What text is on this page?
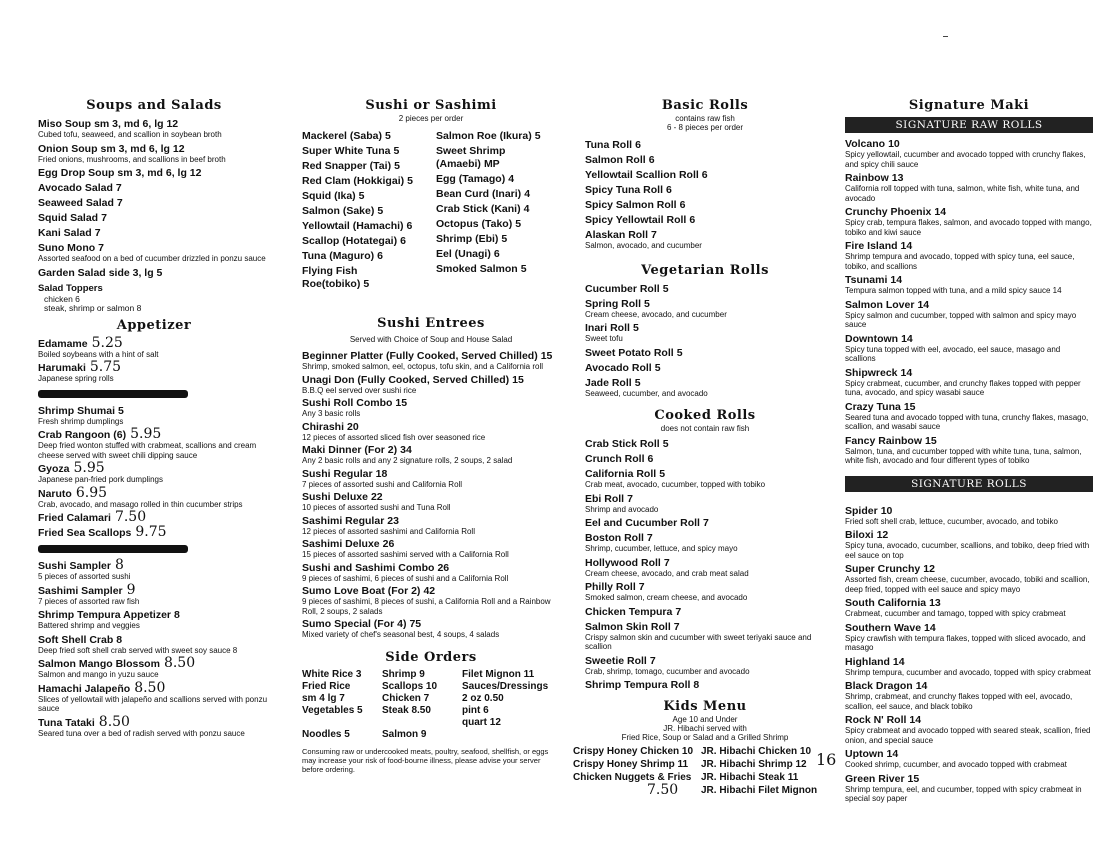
Soups and Salads
Miso Soup sm 3, md 6, lg 12
Cubed tofu, seaweed, and scallion in soybean broth
Onion Soup sm 3, md 6, lg 12
Fried onions, mushrooms, and scallions in beef broth
Egg Drop Soup sm 3, md 6, lg 12
Avocado Salad 7
Seaweed Salad 7
Squid Salad 7
Kani Salad 7
Suno Mono 7
Assorted seafood on a bed of cucumber drizzled in ponzu sauce
Garden Salad side 3, lg 5
Salad Toppers
chicken 6
steak, shrimp or salmon 8
Appetizer
Edamame 5.25
Boiled soybeans with a hint of salt
Harumaki 5.75
Japanese spring rolls
Shrimp Shumai 5
Fresh shrimp dumplings
Crab Rangoon (6) 5.95
Deep fried wonton stuffed with crabmeat, scallions and cream cheese served with sweet chili dipping sauce
Gyoza 5.95
Japanese pan-fried pork dumplings
Naruto 6.95
Crab, avocado, and masago rolled in thin cucumber strips
Fried Calamari 7.50
Fried Sea Scallops 9.75
Sushi Sampler 8
5 pieces of assorted sushi
Sashimi Sampler 9
7 pieces of assorted raw fish
Shrimp Tempura Appetizer 8
Battered shrimp and veggies
Soft Shell Crab 8
Deep fried soft shell crab served with sweet soy sauce 8
Salmon Mango Blossom 8.50
Salmon and mango in yuzu sauce
Hamachi Jalapeño 8.50
Slices of yellowtail with jalapeño and scallions served with ponzu sauce
Tuna Tataki 8.50
Seared tuna over a bed of radish served with ponzu sauce
Sushi or Sashimi
2 pieces per order
Mackerel (Saba) 5
Super White Tuna 5
Red Snapper (Tai) 5
Red Clam (Hokkigai) 5
Squid (Ika) 5
Salmon (Sake) 5
Yellowtail (Hamachi) 6
Scallop (Hotategai) 6
Tuna (Maguro) 6
Flying Fish Roe(tobiko) 5
Salmon Roe (Ikura) 5
Sweet Shrimp (Amaebi) MP
Egg (Tamago) 4
Bean Curd (Inari) 4
Crab Stick (Kani) 4
Octopus (Tako) 5
Shrimp (Ebi) 5
Eel (Unagi) 6
Smoked Salmon 5
Sushi Entrees
Served with Choice of Soup and House Salad
Beginner Platter (Fully Cooked, Served Chilled) 15
Shrimp, smoked salmon, eel, octopus, tofu skin, and a California roll
Unagi Don (Fully Cooked, Served Chilled) 15
B.B.Q eel served over sushi rice
Sushi Roll Combo 15
Any 3 basic rolls
Chirashi 20
12 pieces of assorted sliced fish over seasoned rice
Maki Dinner (For 2) 34
Any 2 basic rolls and any 2 signature rolls, 2 soups, 2 salad
Sushi Regular 18
7 pieces of assorted sushi and California Roll
Sushi Deluxe 22
10 pieces of assorted sushi and Tuna Roll
Sashimi Regular 23
12 pieces of assorted sashimi and California Roll
Sashimi Deluxe 26
15 pieces of assorted sashimi served with a California Roll
Sushi and Sashimi Combo 26
9 pieces of sashimi, 6 pieces of sushi and a California Roll
Sumo Love Boat (For 2) 42
9 pieces of sashimi, 8 pieces of sushi, a California Roll and a Rainbow Roll, 2 soups, 2 salads
Sumo Special (For 4) 75
Mixed variety of chef's seasonal best, 4 soups, 4 salads
Side Orders
White Rice 3	Shrimp 9	Filet Mignon 11
Fried Rice	Scallops 10	Sauces/Dressings
sm 4 lg 7	Chicken 7	2 oz 0.50
Vegetables 5	Steak 8.50	pint 6
quart 12
Noodles 5	Salmon 9
Consuming raw or undercooked meats, poultry, seafood, shellfish, or eggs may increase your risk of food-bourne illness, please advise your server before ordering.
Basic Rolls
contains raw fish
6 - 8 pieces per order
Tuna Roll 6
Salmon Roll 6
Yellowtail Scallion Roll 6
Spicy Tuna Roll 6
Spicy Salmon Roll 6
Spicy Yellowtail Roll 6
Alaskan Roll 7
Salmon, avocado, and cucumber
Vegetarian Rolls
Cucumber Roll 5
Spring Roll 5
Cream cheese, avocado, and cucumber
Inari Roll 5
Sweet tofu
Sweet Potato Roll 5
Avocado Roll 5
Jade Roll 5
Seaweed, cucumber, and avocado
Cooked Rolls
does not contain raw fish
Crab Stick Roll 5
Crunch Roll 6
California Roll 5
Crab meat, avocado, cucumber, topped with tobiko
Ebi Roll 7
Shrimp and avocado
Eel and Cucumber Roll 7
Boston Roll 7
Shrimp, cucumber, lettuce, and spicy mayo
Hollywood Roll 7
Cream cheese, avocado, and crab meat salad
Philly Roll 7
Smoked salmon, cream cheese, and avocado
Chicken Tempura 7
Salmon Skin Roll 7
Crispy salmon skin and cucumber with sweet teriyaki sauce and scallion
Sweetie Roll 7
Crab, shrimp, tomago, cucumber and avocado
Shrimp Tempura Roll 8
Kids Menu
Age 10 and Under
JR. Hibachi served with
Fried Rice, Soup or Salad and a Grilled Shrimp
Crispy Honey Chicken 10 JR. Hibachi Chicken 10
Crispy Honey Shrimp 11	JR. Hibachi Shrimp 12
Chicken Nuggets & Fries JR. Hibachi Steak 11
7.50	JR. Hibachi Filet Mignon
Signature Maki
SIGNATURE RAW ROLLS
Volcano 10
Spicy yellowtail, cucumber and avocado topped with crunchy flakes, and spicy chili sauce
Rainbow 13
California roll topped with tuna, salmon, white fish, white tuna, and avocado
Crunchy Phoenix 14
Spicy crab, tempura flakes, salmon, and avocado topped with mango, tobiko and kiwi sauce
Fire Island 14
Shrimp tempura and avocado, topped with spicy tuna, eel sauce, tobiko, and scallions
Tsunami 14
Tempura salmon topped with tuna, and a mild spicy sauce 14
Salmon Lover 14
Spicy salmon and cucumber, topped with salmon and spicy mayo sauce
Downtown 14
Spicy tuna topped with eel, avocado, eel sauce, masago and scallions
Shipwreck 14
Spicy crabmeat, cucumber, and crunchy flakes topped with pepper tuna, avocado, and spicy wasabi sauce
Crazy Tuna 15
Seared tuna and avocado topped with tuna, crunchy flakes, masago, scallion, and wasabi sauce
Fancy Rainbow 15
Salmon, tuna, and cucumber topped with white tuna, tuna, salmon, white fish, avocado and four different types of tobiko
SIGNATURE ROLLS
Spider 10
Fried soft shell crab, lettuce, cucumber, avocado, and tobiko
Biloxi 12
Spicy tuna, avocado, cucumber, scallions, and tobiko, deep fried with eel sauce on top
Super Crunchy 12
Assorted fish, cream cheese, cucumber, avocado, tobiki and scallion, deep fried, topped with eel sauce and spicy mayo
South California 13
Crabmeat, cucumber and tamago, topped with spicy crabmeat
Southern Wave 14
Spicy crawfish with tempura flakes, topped with sliced avocado, and masago
Highland 14
Shrimp tempura, cucumber and avocado, topped with spicy crabmeat
Black Dragon 14
Shrimp, crabmeat, and crunchy flakes topped with eel, avocado, scallion, eel sauce, and black tobiko
Rock N' Roll 14
Spicy crabmeat and avocado topped with seared steak, scallion, fried onion, and special sauce
Uptown 14
Cooked shrimp, cucumber, and avocado topped with crabmeat
Green River 15
Shrimp tempura, eel, and cucumber, topped with spicy crabmeat in special soy paper
16
